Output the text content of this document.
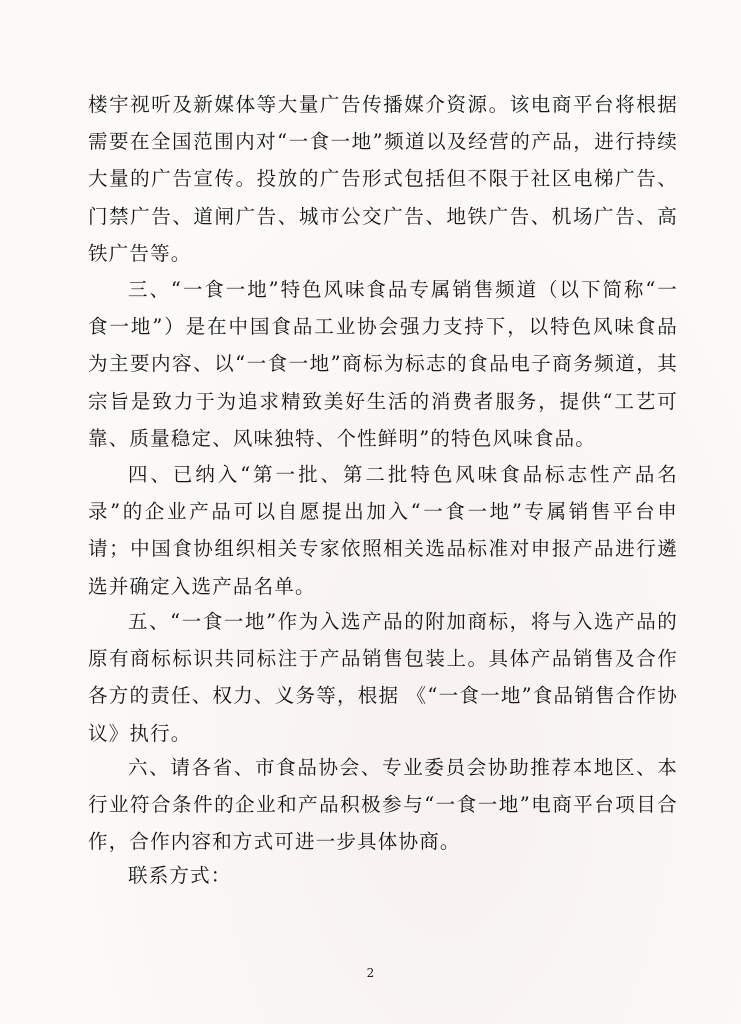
楼宇视听及新媒体等大量广告传播媒介资源。该电商平台将根据需要在全国范围内对“一食一地”频道以及经营的产品，进行持续大量的广告宣传。投放的广告形式包括但不限于社区电梯广告、门禁广告、道闸广告、城市公交广告、地铁广告、机场广告、高铁广告等。

三、“一食一地”特色风味食品专属销售频道（以下简称“一食一地”）是在中国食品工业协会强力支持下，以特色风味食品为主要内容、以“一食一地”商标为标志的食品电子商务频道，其宗旨是致力于为追求精致美好生活的消费者服务，提供“工艺可靠、质量稳定、风味独特、个性鲜明”的特色风味食品。

四、已纳入“第一批、第二批特色风味食品标志性产品名录”的企业产品可以自愿提出加入“一食一地”专属销售平台申请；中国食协组织相关专家依照相关选品标准对申报产品进行遴选并确定入选产品名单。

五、“一食一地”作为入选产品的附加商标，将与入选产品的原有商标标识共同标注于产品销售包装上。具体产品销售及合作各方的责任、权力、义务等，根据 《“一食一地”食品销售合作协议》执行。

六、请各省、市食品协会、专业委员会协助推荐本地区、本行业符合条件的企业和产品积极参与“一食一地”电商平台项目合作，合作内容和方式可进一步具体协商。

联系方式：

2
